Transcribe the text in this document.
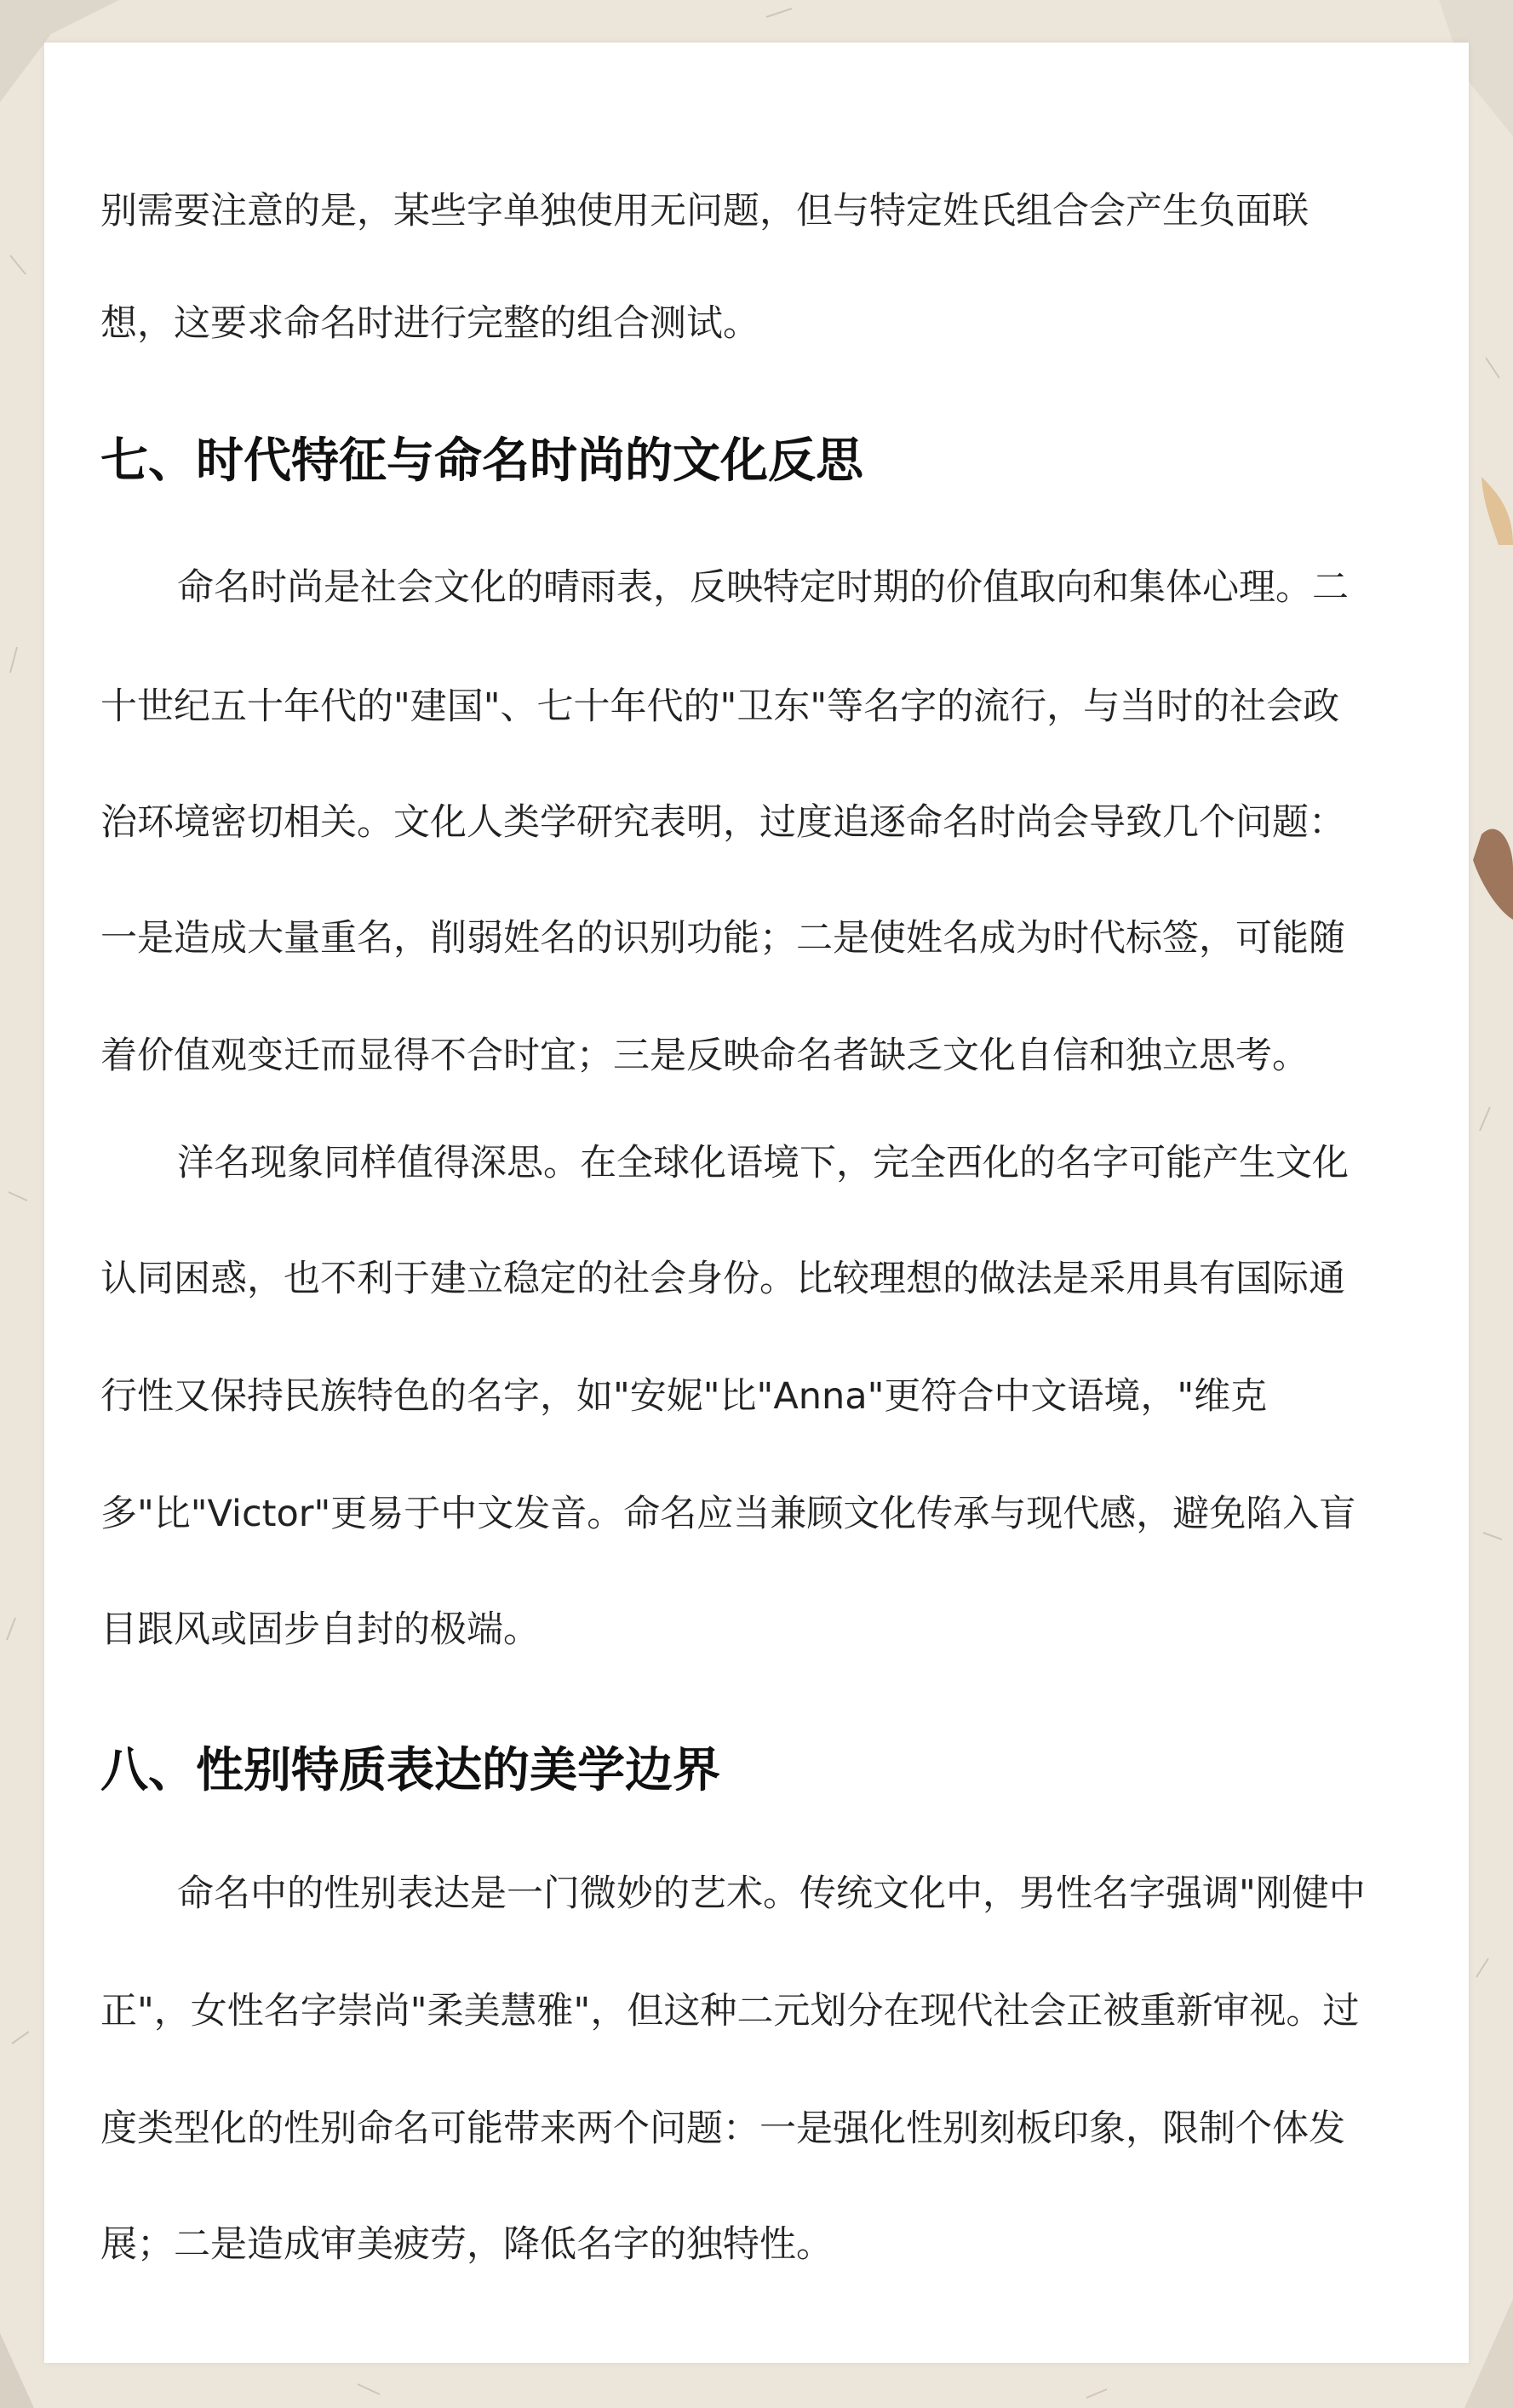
别需要注意的是，某些字单独使用无问题，但与特定姓氏组合会产生负面联
想，这要求命名时进行完整的组合测试。
七、时代特征与命名时尚的文化反思
命名时尚是社会文化的晴雨表，反映特定时期的价值取向和集体心理。二
十世纪五十年代的"建国"、七十年代的"卫东"等名字的流行，与当时的社会政
治环境密切相关。文化人类学研究表明，过度追逐命名时尚会导致几个问题：
一是造成大量重名，削弱姓名的识别功能；二是使姓名成为时代标签，可能随
着价值观变迁而显得不合时宜；三是反映命名者缺乏文化自信和独立思考。
洋名现象同样值得深思。在全球化语境下，完全西化的名字可能产生文化
认同困惑，也不利于建立稳定的社会身份。比较理想的做法是采用具有国际通
行性又保持民族特色的名字，如"安妮"比"Anna"更符合中文语境，"维克
多"比"Victor"更易于中文发音。命名应当兼顾文化传承与现代感，避免陷入盲
目跟风或固步自封的极端。
八、性别特质表达的美学边界
命名中的性别表达是一门微妙的艺术。传统文化中，男性名字强调"刚健中
正"，女性名字崇尚"柔美慧雅"，但这种二元划分在现代社会正被重新审视。过
度类型化的性别命名可能带来两个问题：一是强化性别刻板印象，限制个体发
展；二是造成审美疲劳，降低名字的独特性。
